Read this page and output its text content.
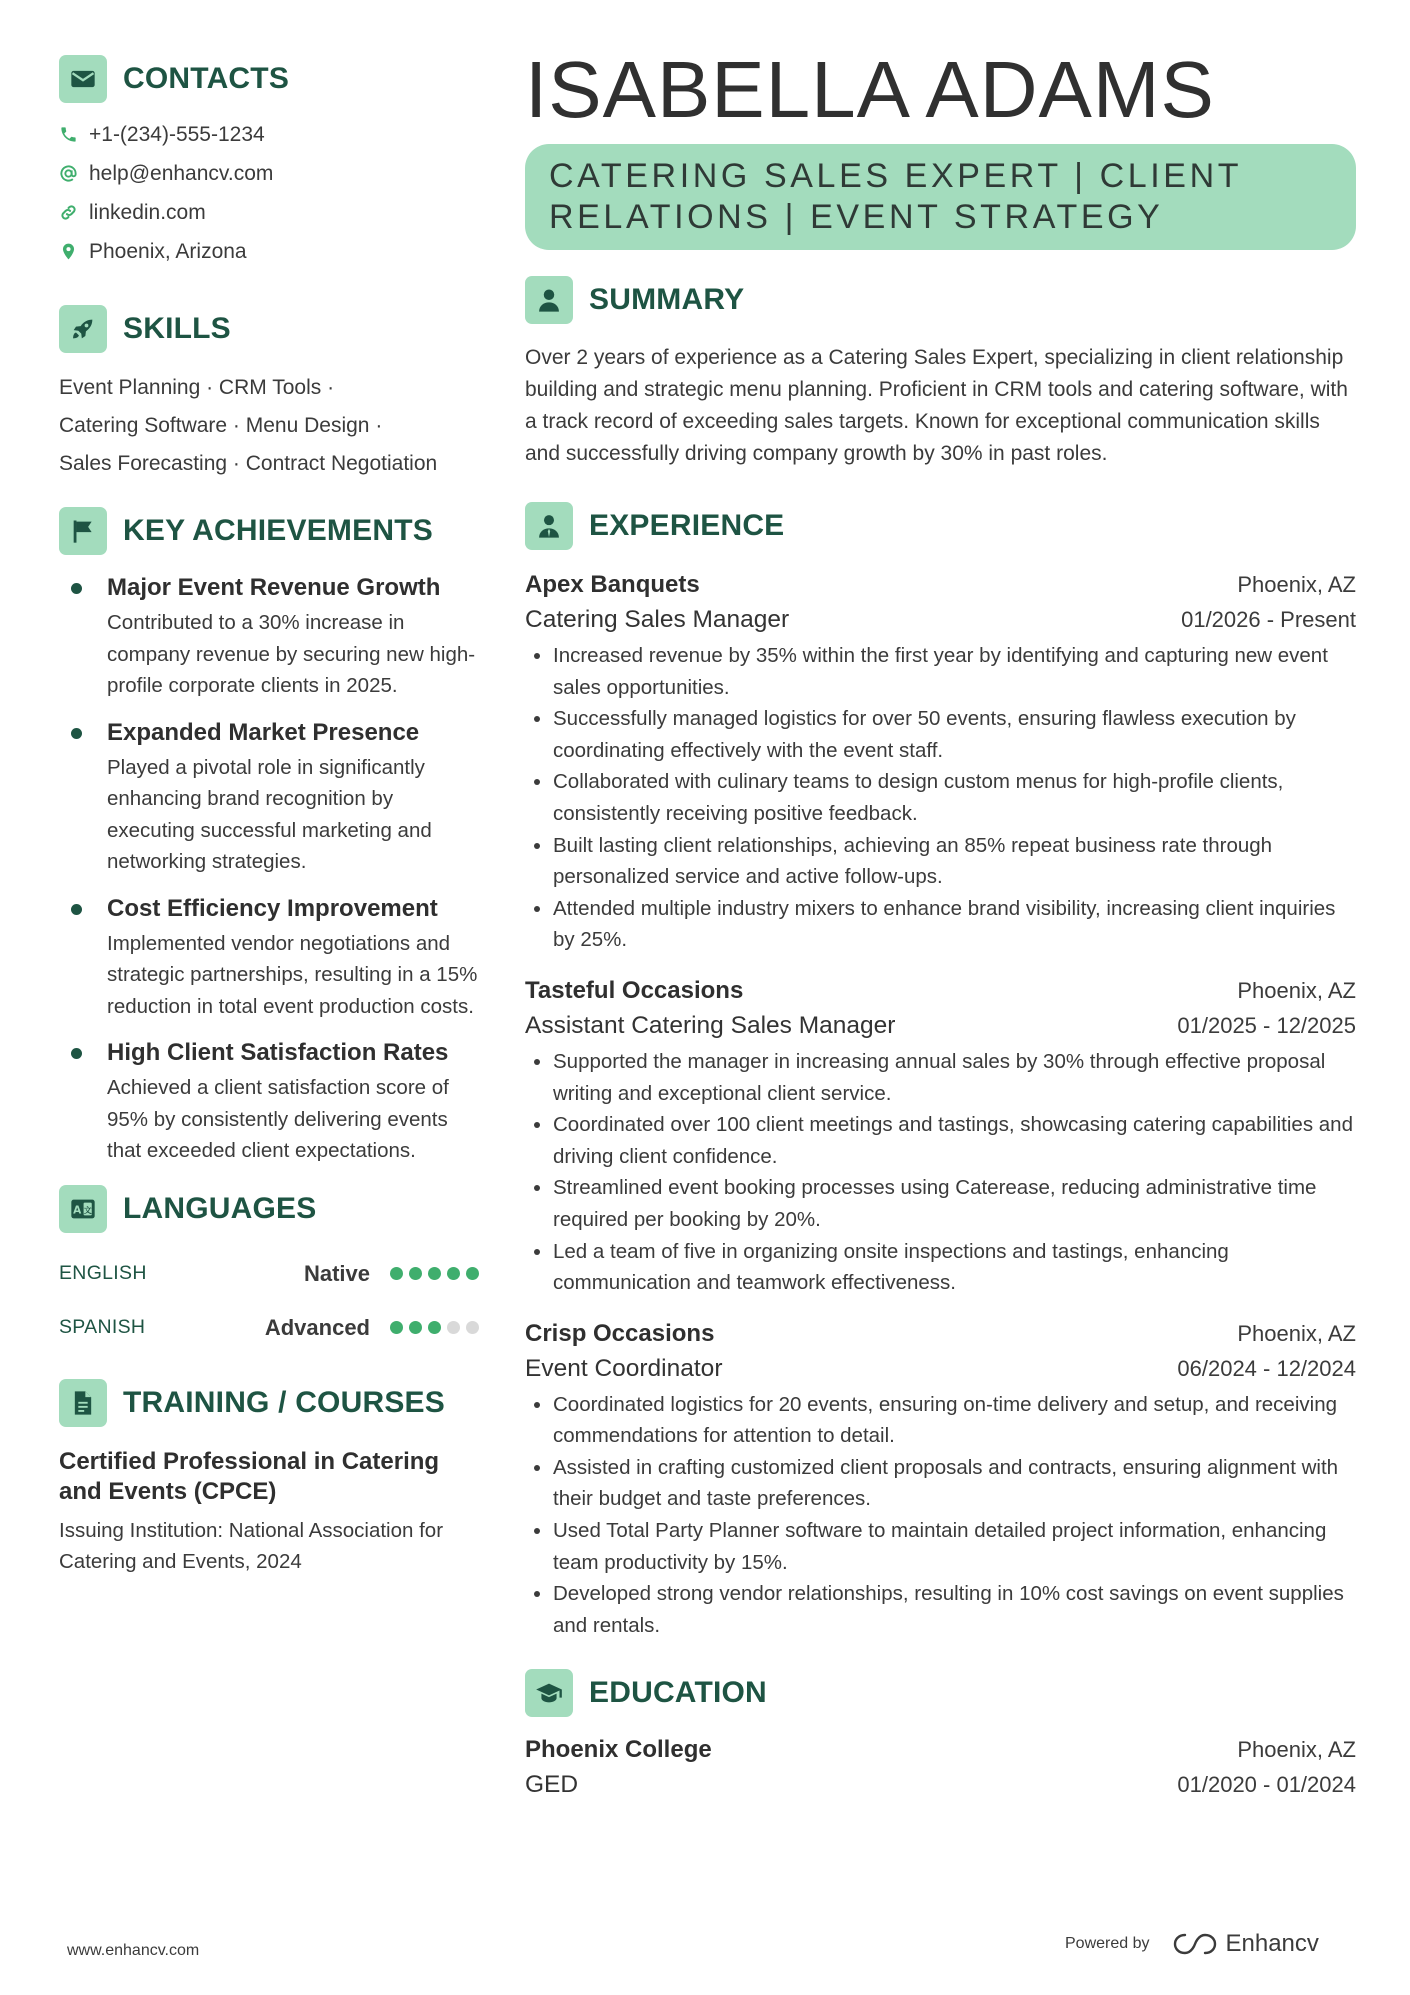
CONTACTS
+1-(234)-555-1234
help@enhancv.com
linkedin.com
Phoenix, Arizona
SKILLS
Event Planning · CRM Tools ·
Catering Software · Menu Design ·
Sales Forecasting · Contract Negotiation
KEY ACHIEVEMENTS
Major Event Revenue Growth
Contributed to a 30% increase in company revenue by securing new high-profile corporate clients in 2025.
Expanded Market Presence
Played a pivotal role in significantly enhancing brand recognition by executing successful marketing and networking strategies.
Cost Efficiency Improvement
Implemented vendor negotiations and strategic partnerships, resulting in a 15% reduction in total event production costs.
High Client Satisfaction Rates
Achieved a client satisfaction score of 95% by consistently delivering events that exceeded client expectations.
A 文 LANGUAGES
ENGLISH	Native
SPANISH	Advanced
TRAINING / COURSES
Certified Professional in Catering and Events (CPCE)
Issuing Institution: National Association for Catering and Events, 2024
ISABELLA ADAMS
CATERING SALES EXPERT | CLIENT RELATIONS | EVENT STRATEGY
SUMMARY
Over 2 years of experience as a Catering Sales Expert, specializing in client relationship building and strategic menu planning. Proficient in CRM tools and catering software, with a track record of exceeding sales targets. Known for exceptional communication skills and successfully driving company growth by 30% in past roles.
EXPERIENCE
Apex Banquets	Phoenix, AZ
Catering Sales Manager	01/2026 - Present
• Increased revenue by 35% within the first year by identifying and capturing new event sales opportunities.
• Successfully managed logistics for over 50 events, ensuring flawless execution by coordinating effectively with the event staff.
• Collaborated with culinary teams to design custom menus for high-profile clients, consistently receiving positive feedback.
• Built lasting client relationships, achieving an 85% repeat business rate through personalized service and active follow-ups.
• Attended multiple industry mixers to enhance brand visibility, increasing client inquiries by 25%.
Tasteful Occasions	Phoenix, AZ
Assistant Catering Sales Manager	01/2025 - 12/2025
• Supported the manager in increasing annual sales by 30% through effective proposal writing and exceptional client service.
• Coordinated over 100 client meetings and tastings, showcasing catering capabilities and driving client confidence.
• Streamlined event booking processes using Caterease, reducing administrative time required per booking by 20%.
• Led a team of five in organizing onsite inspections and tastings, enhancing communication and teamwork effectiveness.
Crisp Occasions	Phoenix, AZ
Event Coordinator	06/2024 - 12/2024
• Coordinated logistics for 20 events, ensuring on-time delivery and setup, and receiving commendations for attention to detail.
• Assisted in crafting customized client proposals and contracts, ensuring alignment with their budget and taste preferences.
• Used Total Party Planner software to maintain detailed project information, enhancing team productivity by 15%.
• Developed strong vendor relationships, resulting in 10% cost savings on event supplies and rentals.
EDUCATION
Phoenix College	Phoenix, AZ
GED	01/2020 - 01/2024
www.enhancv.com	Powered by	Enhancv
